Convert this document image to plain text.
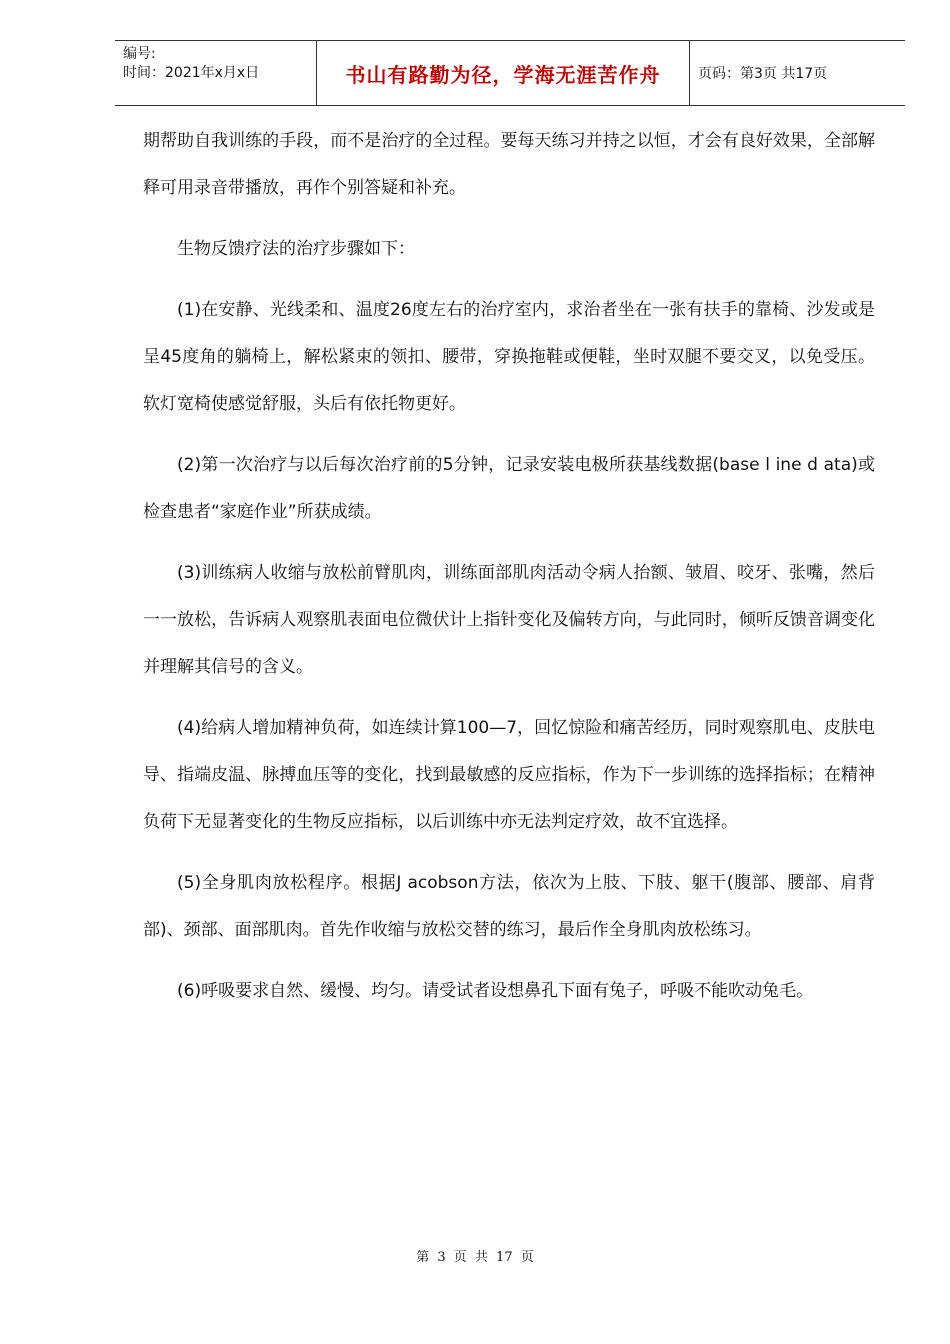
编号:
时间：2021年x月x日	书山有路勤为径，学海无涯苦作舟	页码：第3页 共17页

期帮助自我训练的手段，而不是治疗的全过程。要每天练习并持之以恒，才会有良好效果，全部解释可用录音带播放，再作个别答疑和补充。

生物反馈疗法的治疗步骤如下：

(1)在安静、光线柔和、温度26度左右的治疗室内，求治者坐在一张有扶手的靠椅、沙发或是呈45度角的躺椅上，解松紧束的领扣、腰带，穿换拖鞋或便鞋，坐时双腿不要交叉，以免受压。软灯宽椅使感觉舒服，头后有依托物更好。

(2)第一次治疗与以后每次治疗前的5分钟，记录安装电极所获基线数据(base l ine d ata)或检查患者“家庭作业”所获成绩。

(3)训练病人收缩与放松前臂肌肉，训练面部肌肉活动令病人抬额、皱眉、咬牙、张嘴，然后一一放松，告诉病人观察肌表面电位微伏计上指针变化及偏转方向，与此同时，倾听反馈音调变化并理解其信号的含义。

(4)给病人增加精神负荷，如连续计算100—7，回忆惊险和痛苦经历，同时观察肌电、皮肤电导、指端皮温、脉搏血压等的变化，找到最敏感的反应指标，作为下一步训练的选择指标；在精神负荷下无显著变化的生物反应指标，以后训练中亦无法判定疗效，故不宜选择。

(5)全身肌肉放松程序。根据J acobson方法，依次为上肢、下肢、躯干(腹部、腰部、肩背部)、颈部、面部肌肉。首先作收缩与放松交替的练习，最后作全身肌肉放松练习。

(6)呼吸要求自然、缓慢、均匀。请受试者设想鼻孔下面有兔子，呼吸不能吹动兔毛。

第 3 页 共 17 页
